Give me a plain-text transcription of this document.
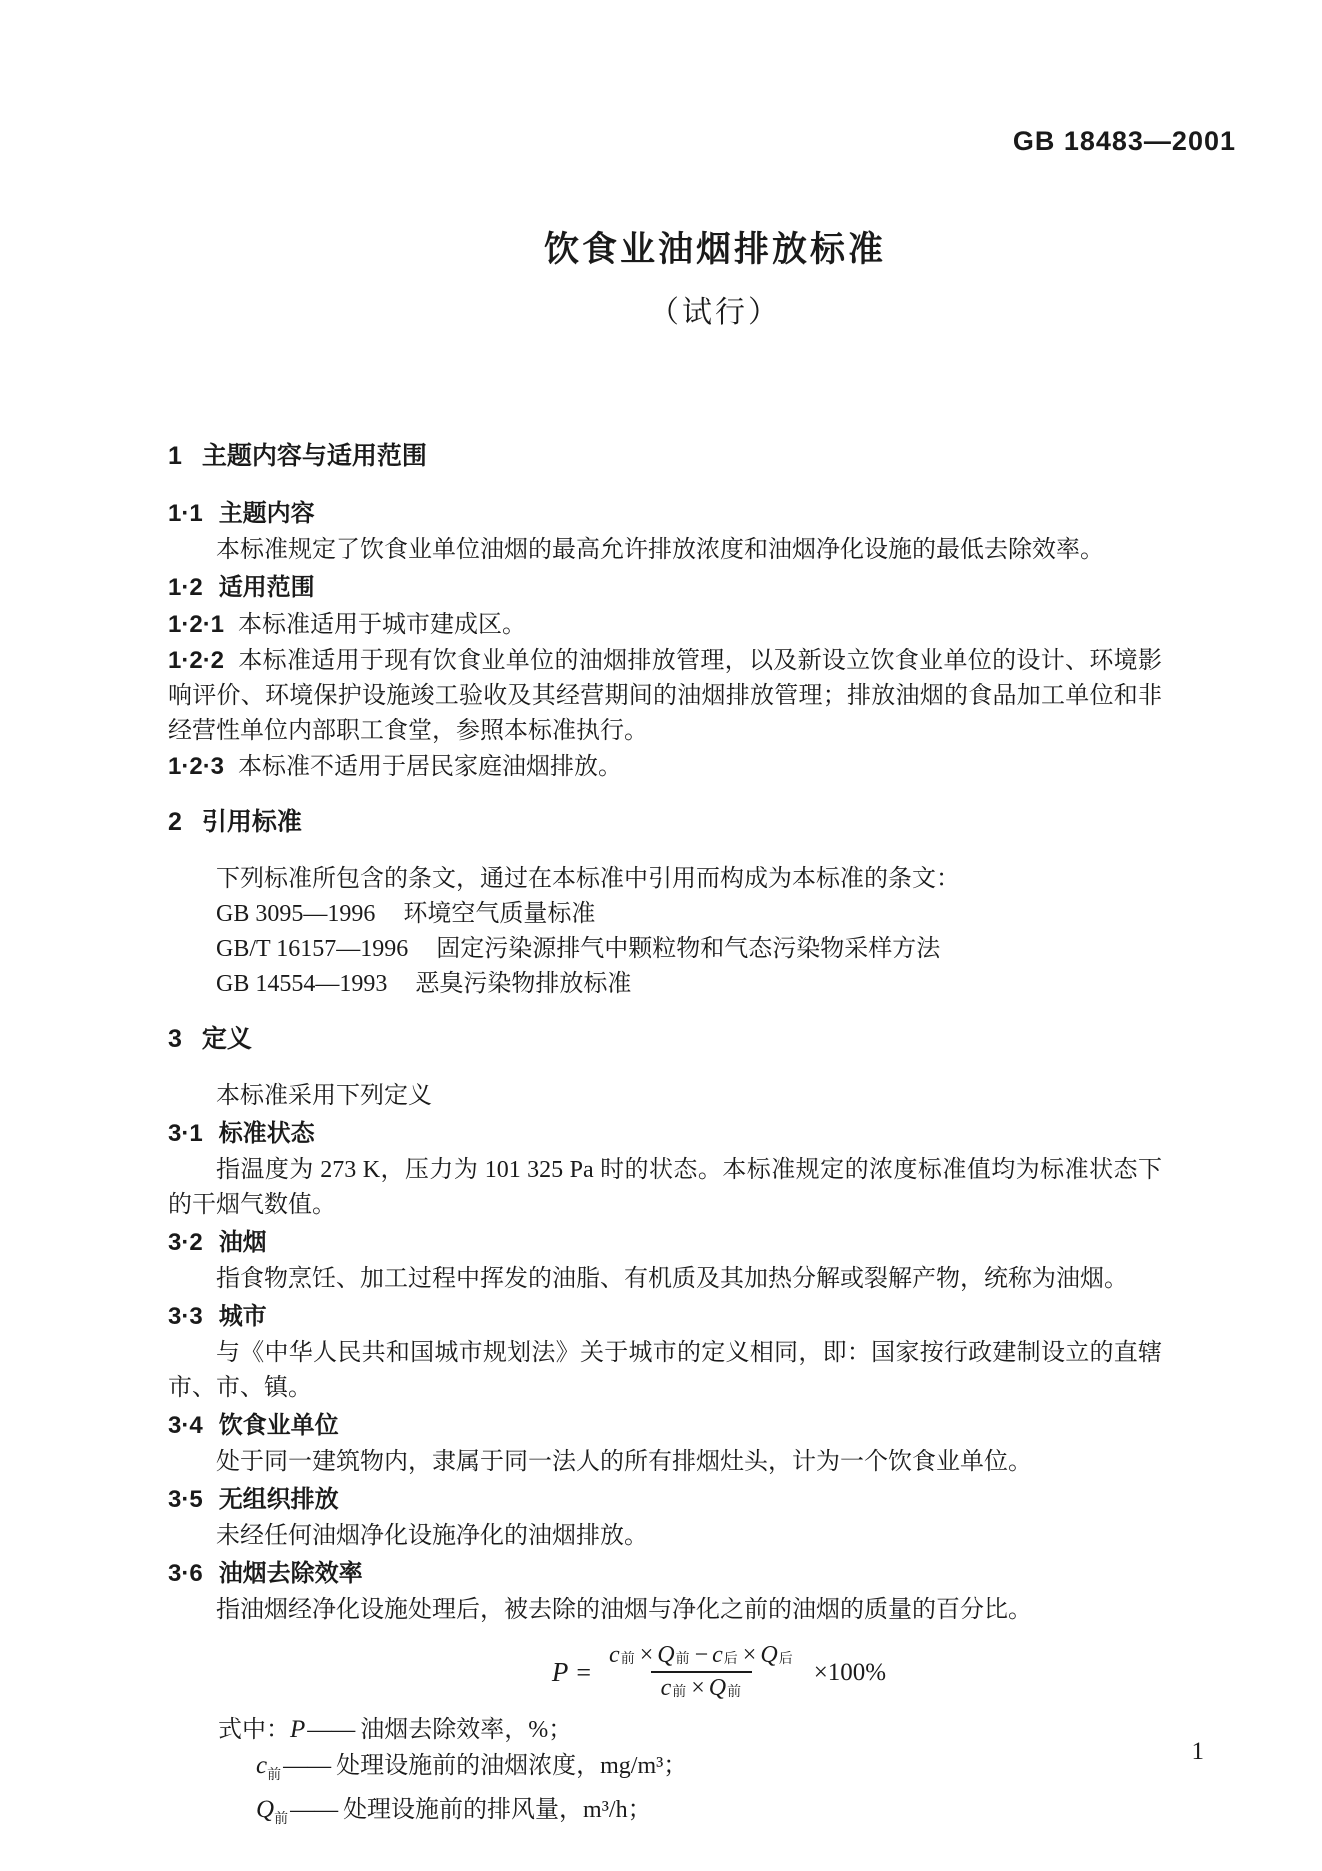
GB 18483—2001
饮食业油烟排放标准
（试行）
1 主题内容与适用范围
1·1 主题内容

本标准规定了饮食业单位油烟的最高允许排放浓度和油烟净化设施的最低去除效率。

1·2 适用范围

1·2·1 本标准适用于城市建成区。

1·2·2 本标准适用于现有饮食业单位的油烟排放管理，以及新设立饮食业单位的设计、环境影响评价、环境保护设施竣工验收及其经营期间的油烟排放管理；排放油烟的食品加工单位和非经营性单位内部职工食堂，参照本标准执行。

1·2·3 本标准不适用于居民家庭油烟排放。

2 引用标准

下列标准所包含的条文，通过在本标准中引用而构成为本标准的条文：

GB 3095—1996 环境空气质量标准

GB/T 16157—1996 固定污染源排气中颗粒物和气态污染物采样方法

GB 14554—1993 恶臭污染物排放标准

3 定义

本标准采用下列定义

3·1 标准状态

指温度为 273 K，压力为 101 325 Pa 时的状态。本标准规定的浓度标准值均为标准状态下的干烟气数值。

3·2 油烟

指食物烹饪、加工过程中挥发的油脂、有机质及其加热分解或裂解产物，统称为油烟。

3·3 城市

与《中华人民共和国城市规划法》关于城市的定义相同，即：国家按行政建制设立的直辖市、市、镇。

3·4 饮食业单位

处于同一建筑物内，隶属于同一法人的所有排烟灶头，计为一个饮食业单位。

3·5 无组织排放

未经任何油烟净化设施净化的油烟排放。

3·6 油烟去除效率

指油烟经净化设施处理后，被去除的油烟与净化之前的油烟的质量的百分比。

$P = \frac{\text{c 前 × Q 前 − c 后 × Q 后}}{\text{c 前 × Q 前}} \times 100\%$

式中：P—— 油烟去除效率，%；

$c_前——$ 处理设施前的油烟浓度，mg/m³；

$Q_前——$ 处理设施前的排风量，m³/h；

1
